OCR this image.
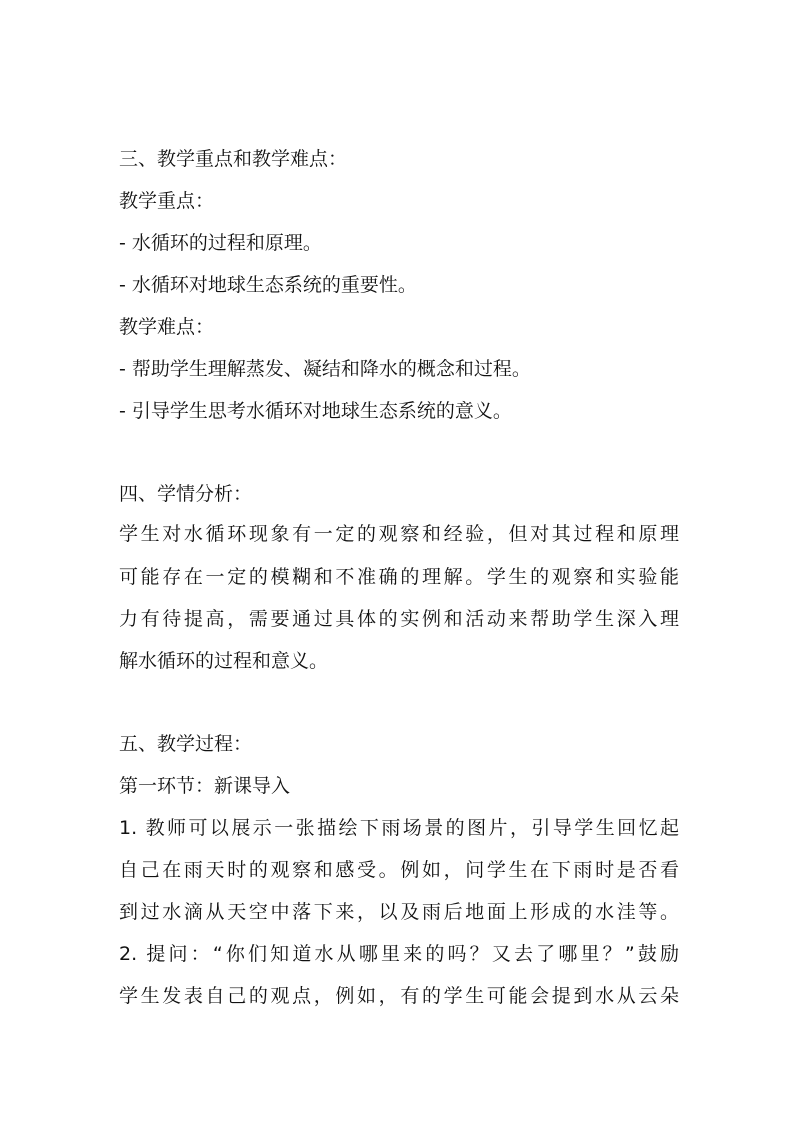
三、教学重点和教学难点：
教学重点：
- 水循环的过程和原理。
- 水循环对地球生态系统的重要性。
教学难点：
- 帮助学生理解蒸发、凝结和降水的概念和过程。
- 引导学生思考水循环对地球生态系统的意义。
四、学情分析：
学生对水循环现象有一定的观察和经验，但对其过程和原理
可能存在一定的模糊和不准确的理解。学生的观察和实验能
力有待提高，需要通过具体的实例和活动来帮助学生深入理
解水循环的过程和意义。
五、教学过程：
第一环节：新课导入
1. 教师可以展示一张描绘下雨场景的图片，引导学生回忆起
自己在雨天时的观察和感受。例如，问学生在下雨时是否看
到过水滴从天空中落下来，以及雨后地面上形成的水洼等。
2. 提问：“你们知道水从哪里来的吗？又去了哪里？”鼓励
学生发表自己的观点，例如，有的学生可能会提到水从云朵
